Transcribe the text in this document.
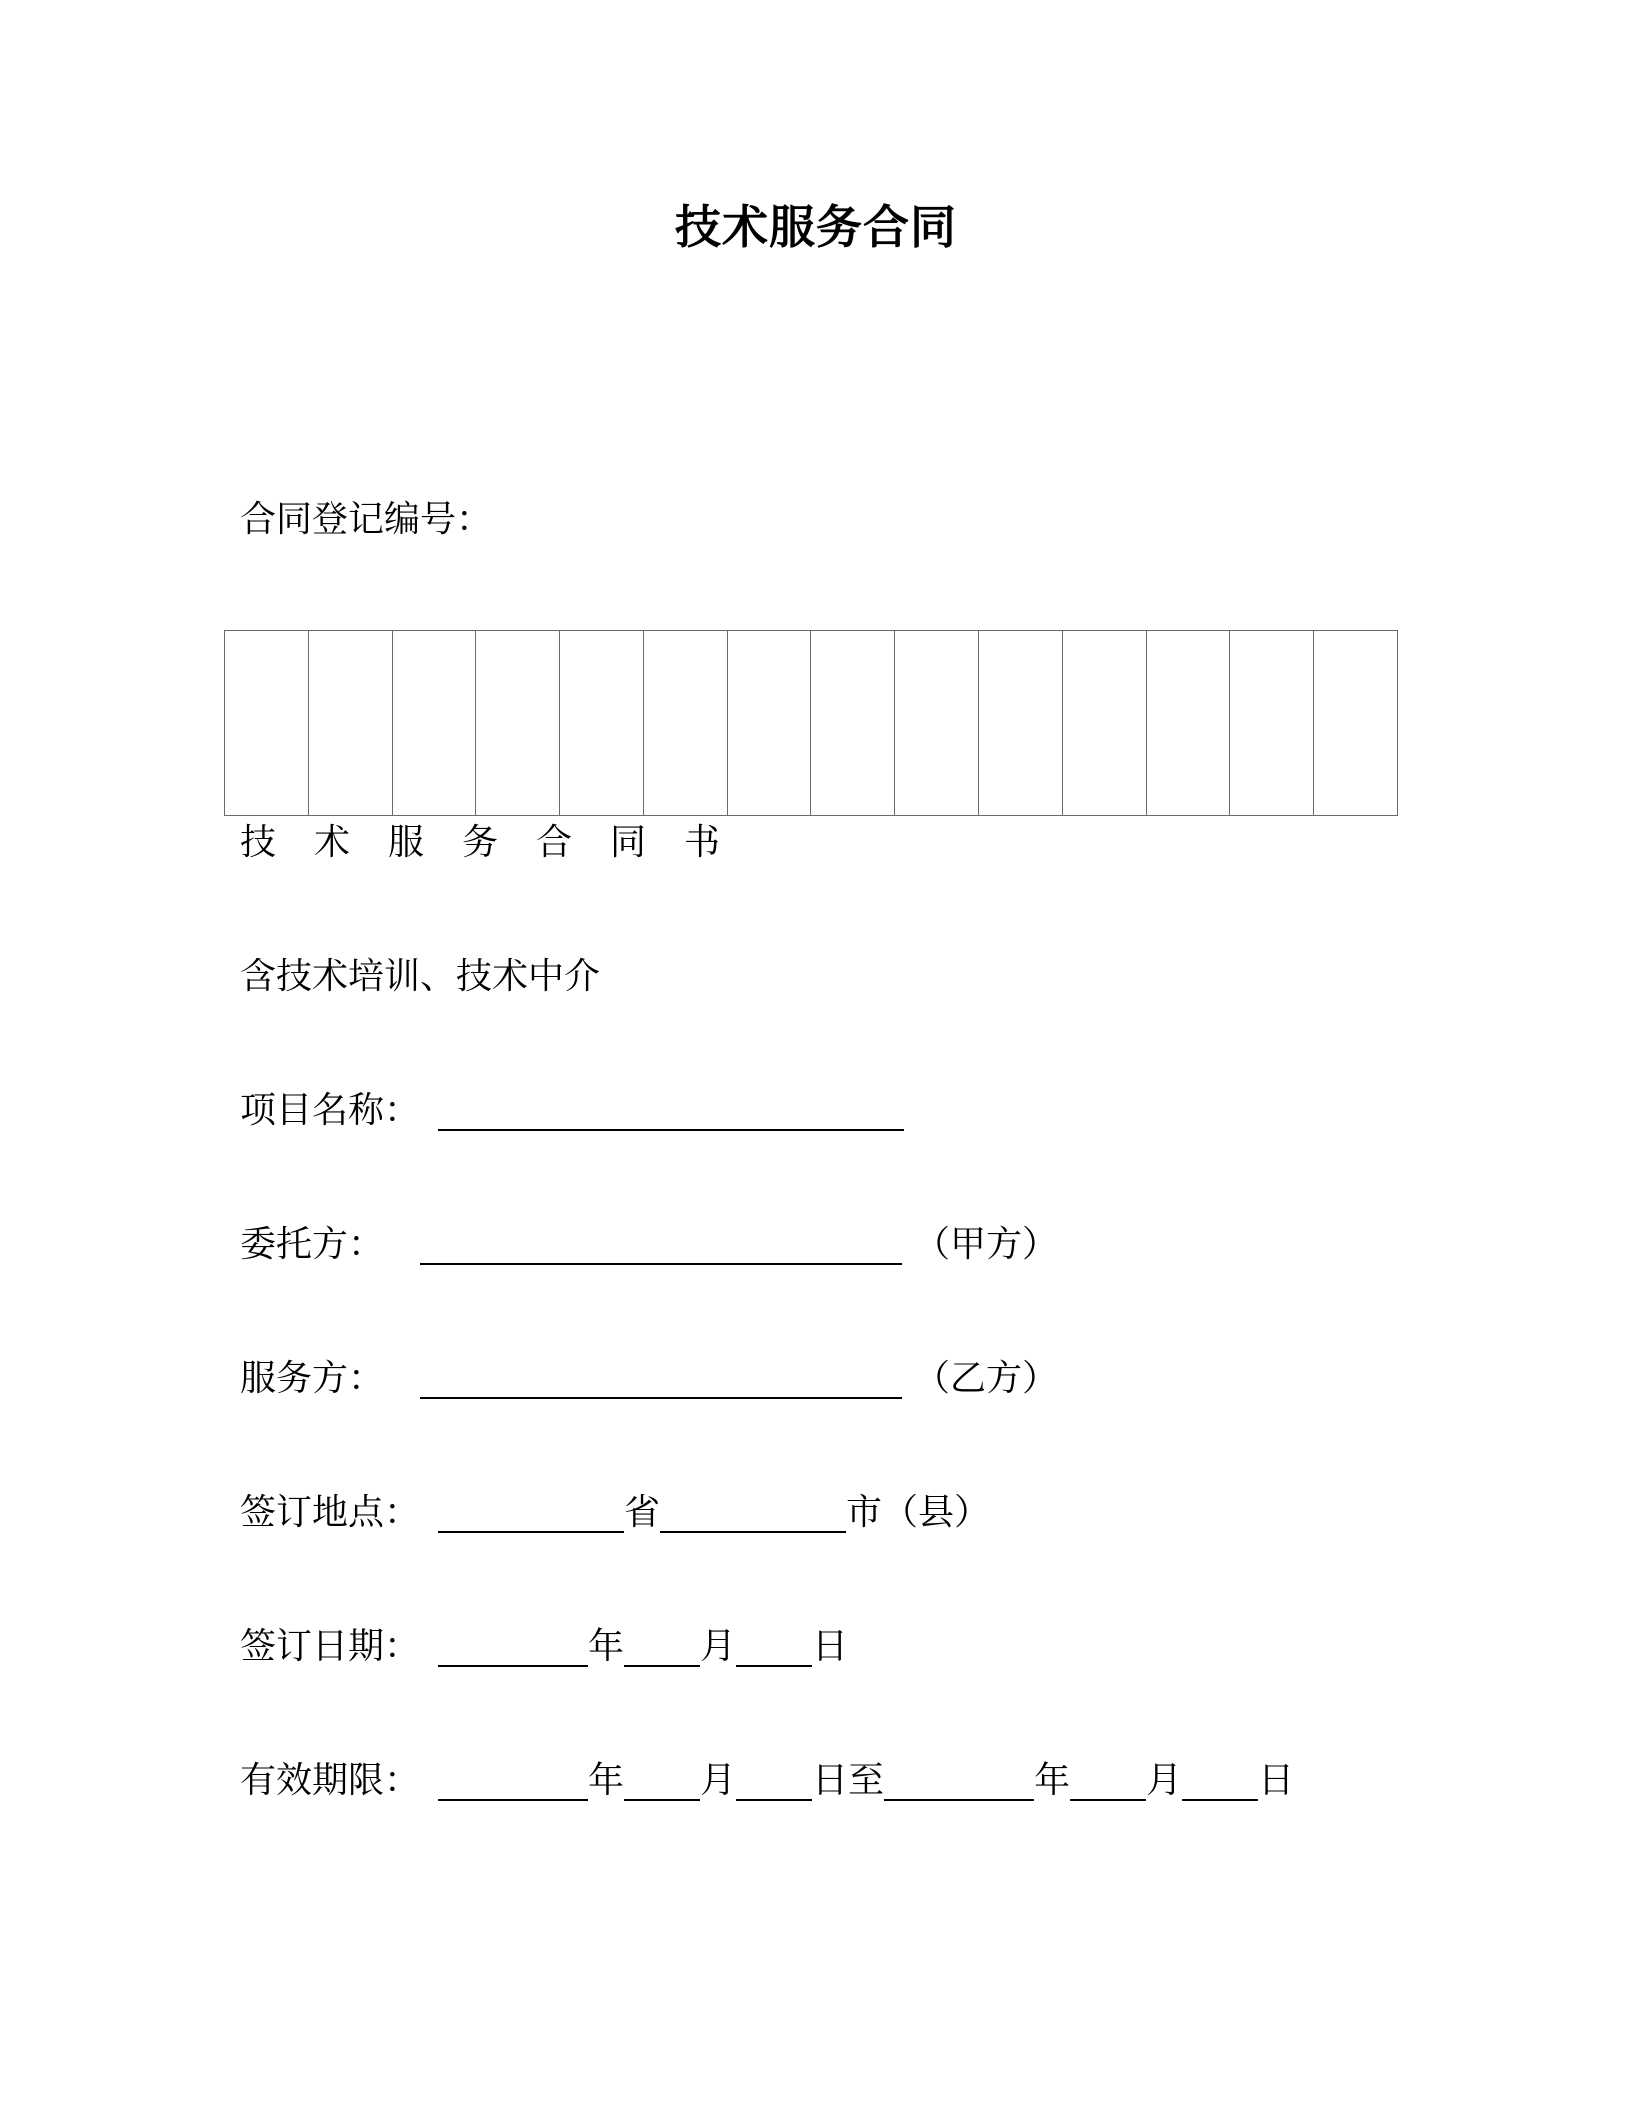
技术服务合同
合同登记编号：

技术服务合同书
含技术培训、技术中介
项目名称：
委托方：	（甲方）
服务方：	（乙方）
签订地点：	省	市（县）
签订日期：	年 月 日
有效期限：	年 月 日至	年 月 日
